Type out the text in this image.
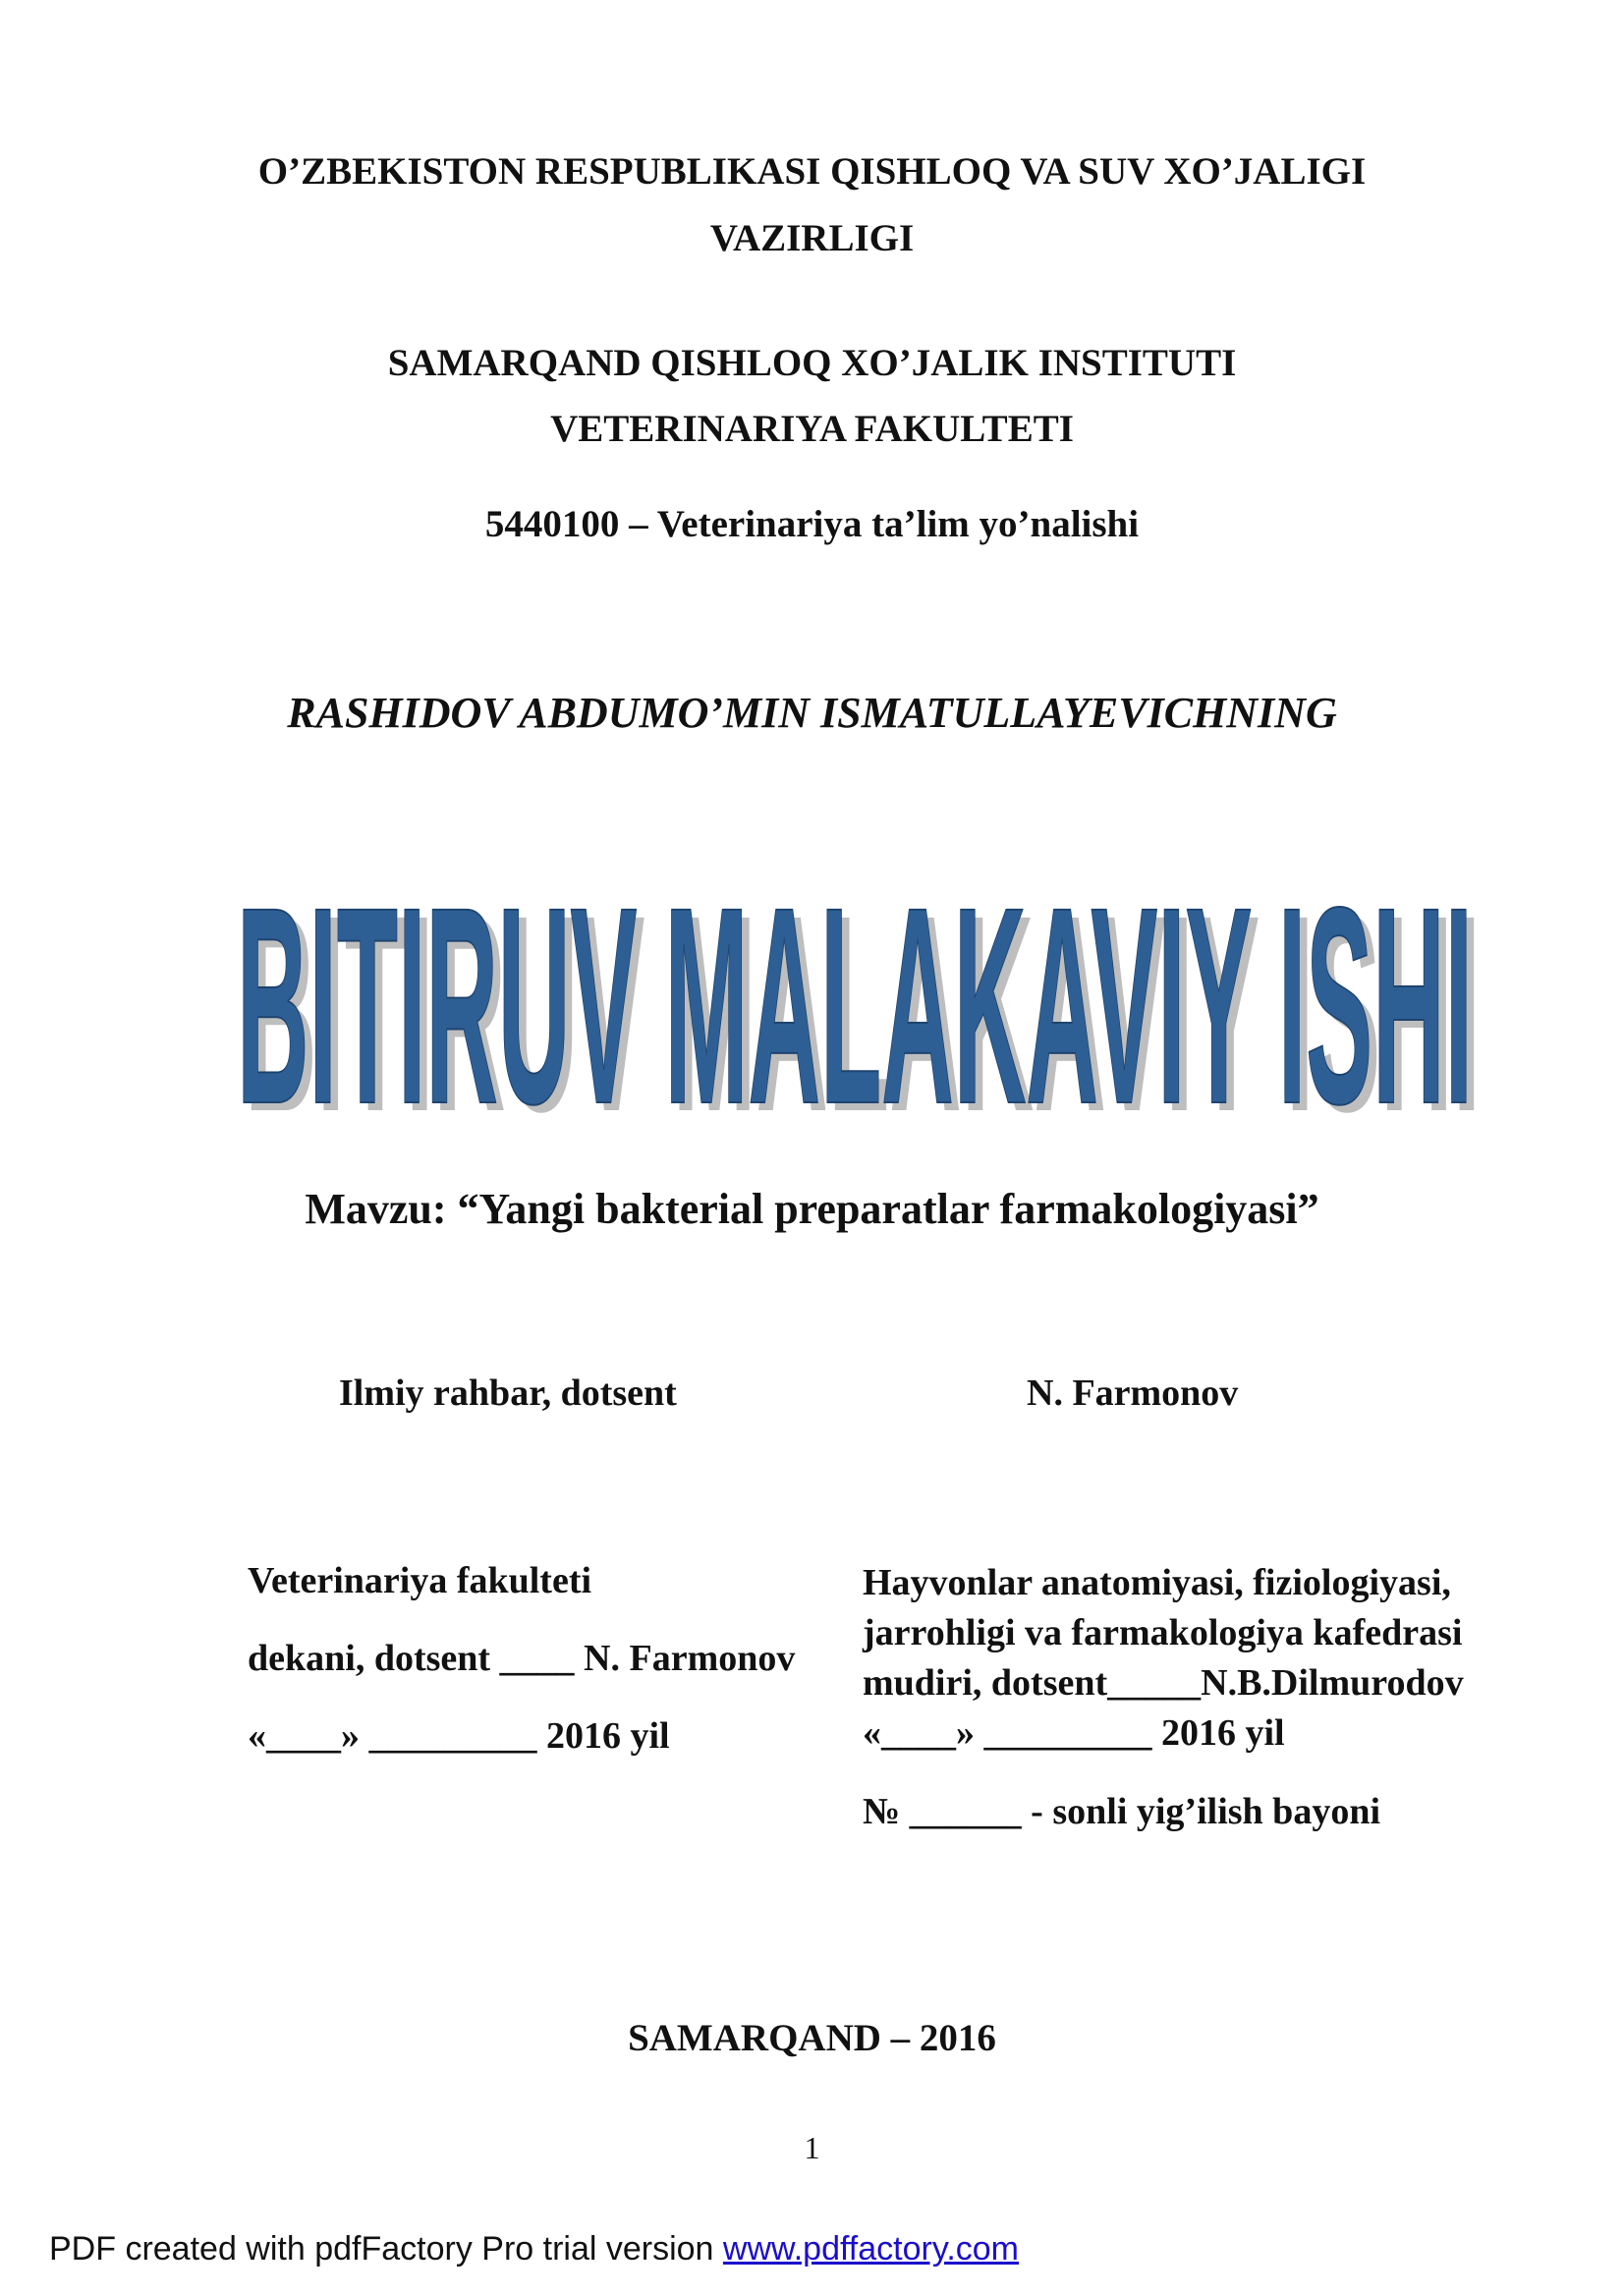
O’ZBEKISTON RESPUBLIKASI QISHLOQ VA SUV XO’JALIGI
VAZIRLIGI
SAMARQAND QISHLOQ XO’JALIK INSTITUTI
VETERINARIYA FAKULTETI
5440100 – Veterinariya ta’lim yo’nalishi
RASHIDOV ABDUMO’MIN ISMATULLAYEVICHNING
BITIRUV MALAKAVIY ISHI
BITIRUV MALAKAVIY ISHI
Mavzu: “Yangi bakterial preparatlar farmakologiyasi”
Ilmiy rahbar, dotsent	N. Farmonov
Veterinariya fakulteti
dekani, dotsent ____ N. Farmonov
«____» _________ 2016 yil
Hayvonlar anatomiyasi, fiziologiyasi,
jarrohligi va farmakologiya kafedrasi
mudiri, dotsent_____N.B.Dilmurodov
«____» _________ 2016 yil
№ ______ - sonli yig’ilish bayoni
SAMARQAND – 2016
1
PDF created with pdfFactory Pro trial version www.pdffactory.com
